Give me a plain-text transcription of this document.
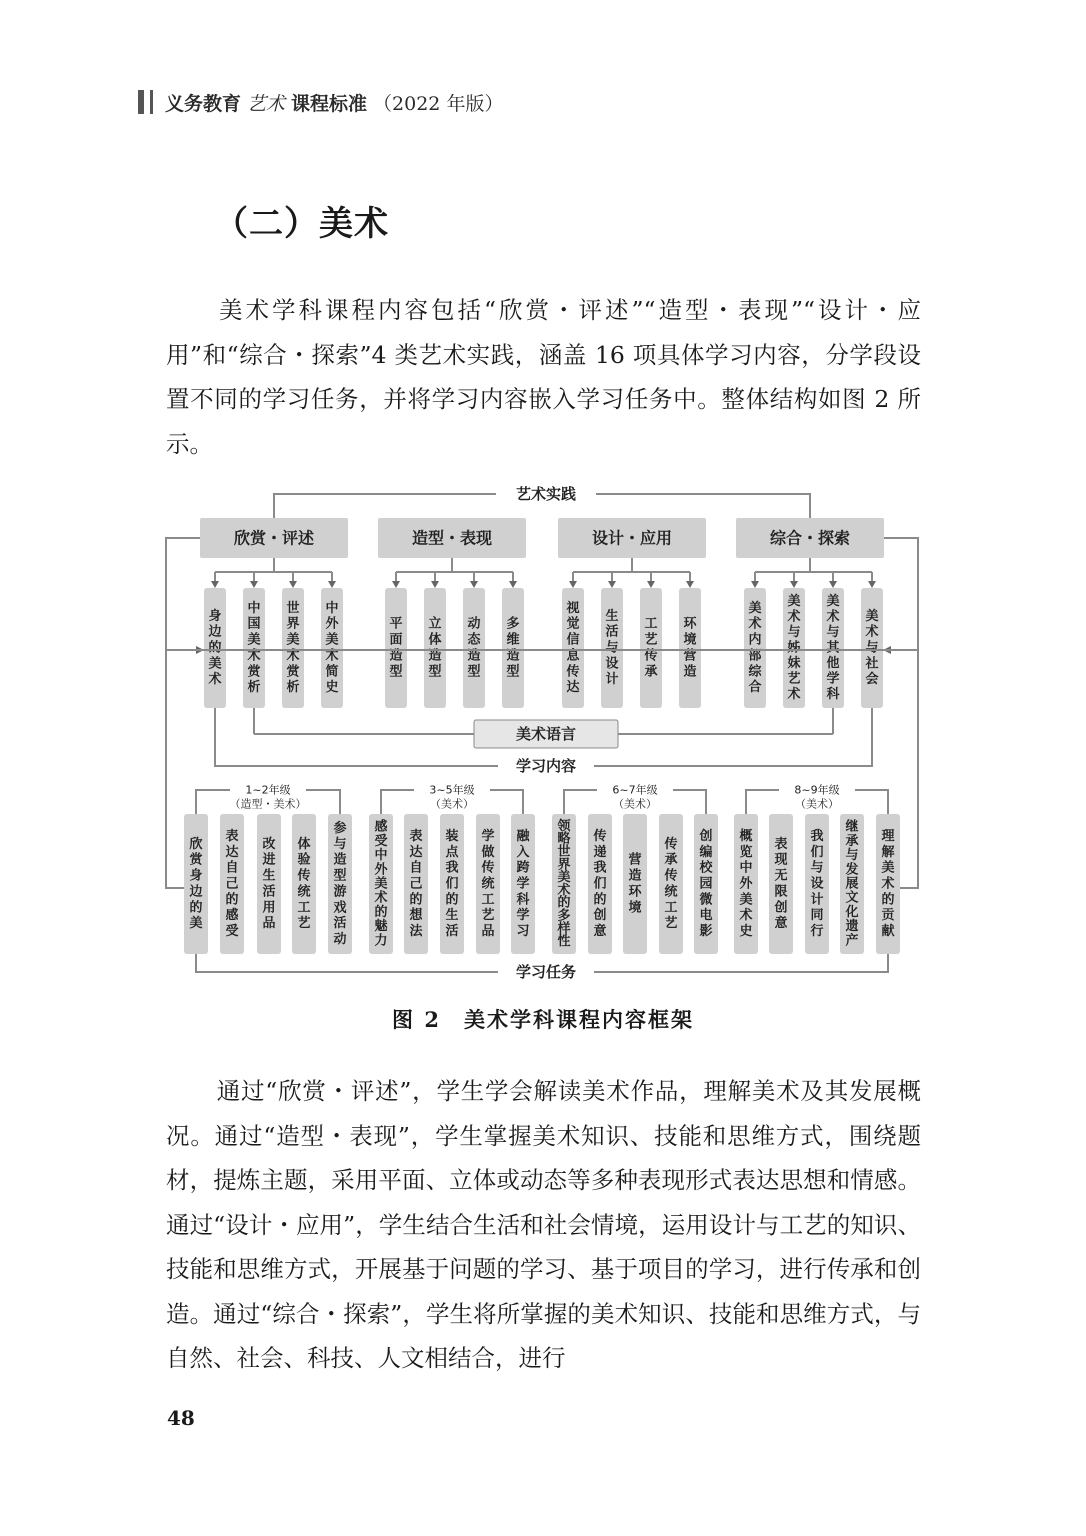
义务教育 艺术 课程标准 （2022 年版）
（二）美术

美术学科课程内容包括“欣赏・评述”“造型・表现”“设计・应用”和“综合・探索”4 类艺术实践，涵盖 16 项具体学习内容，分学段设置不同的学习任务，并将学习内容嵌入学习任务中。整体结构如图 2 所示。

艺术实践
欣赏・评述	造型・表现	设计・应用	综合・探索
身边的美术
中国美术赏析
世界美术赏析
中外美术简史
平面造型
立体造型
动态造型
多维造型
视觉信息传达
生活与设计
工艺传承
环境营造
美术内部综合
美术与姊妹艺术
美术与其他学科
美术与社会
美术语言
学习内容
1~2年级
（造型・美术）
欣赏身边的美
表达自己的感受
改进生活用品
体验传统工艺
参与造型游戏活动
3~5年级
（美术）
感受中外美术的魅力
表达自己的想法
装点我们的生活
学做传统工艺品
融入跨学科学习
6~7年级
（美术）
领略世界美术的多样性
传递我们的创意
营造环境
传承传统工艺
创编校园微电影
8~9年级
（美术）
概览中外美术史
表现无限创意
我们与设计同行
继承与发展文化遗产
理解美术的贡献
学习任务
图 2　美术学科课程内容框架

通过“欣赏・评述”，学生学会解读美术作品，理解美术及其发展概况。通过“造型・表现”，学生掌握美术知识、技能和思维方式，围绕题材，提炼主题，采用平面、立体或动态等多种表现形式表达思想和情感。通过“设计・应用”，学生结合生活和社会情境，运用设计与工艺的知识、技能和思维方式，开展基于问题的学习、基于项目的学习，进行传承和创造。通过“综合・探索”，学生将所掌握的美术知识、技能和思维方式，与自然、社会、科技、人文相结合，进行

48
